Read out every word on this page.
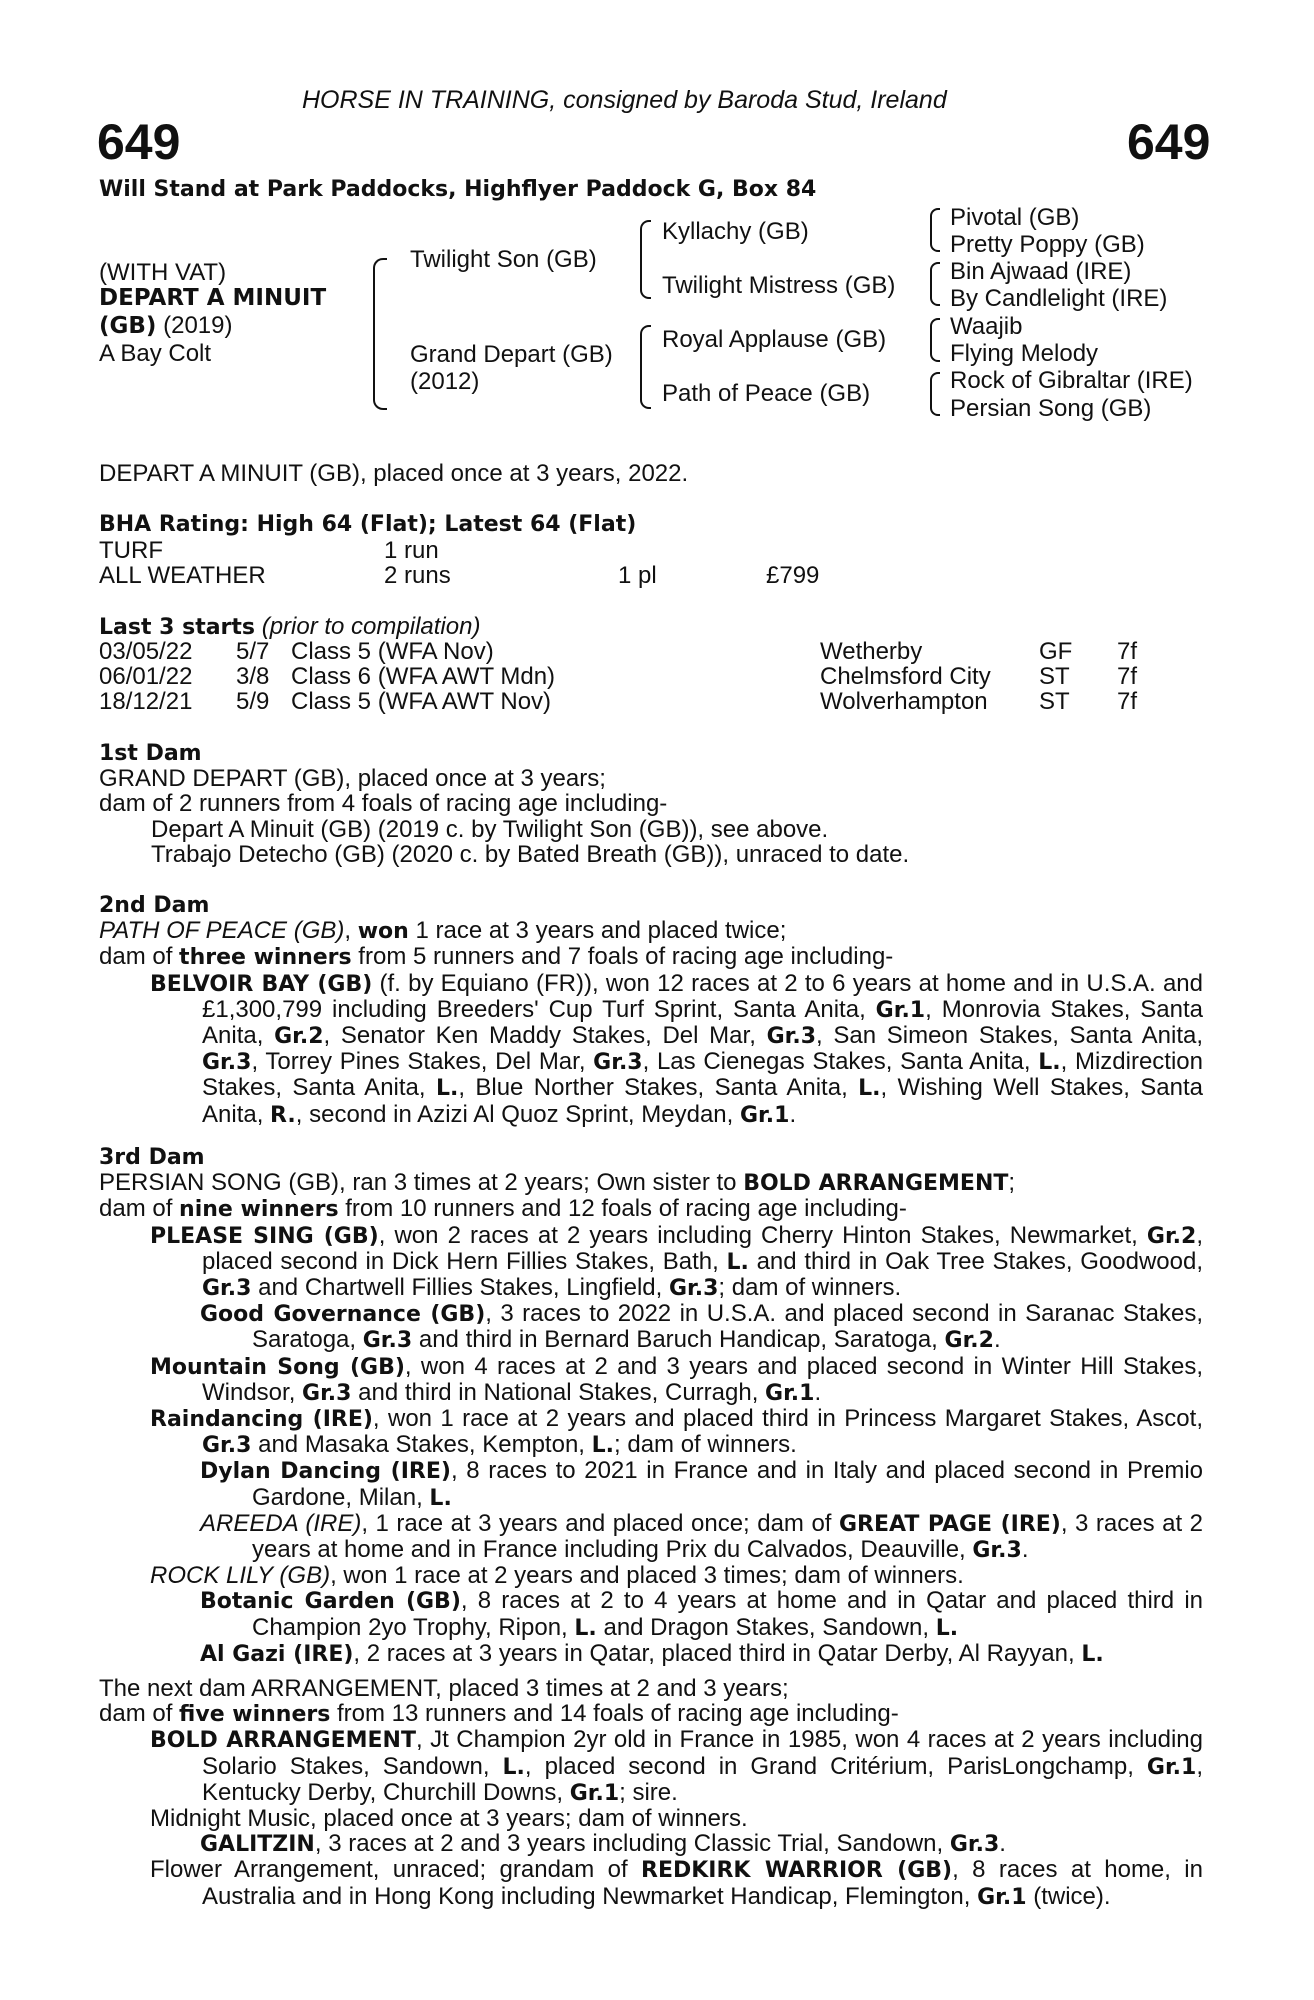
HORSE IN TRAINING, consigned by Baroda Stud, Ireland
649	649
Will Stand at Park Paddocks, Highflyer Paddock G, Box 84
(WITH VAT)
DEPART A MINUIT
(GB) (2019)
A Bay Colt
Twilight Son (GB)
Grand Depart (GB)
(2012)
Kyllachy (GB)
Twilight Mistress (GB)
Royal Applause (GB)
Path of Peace (GB)
Pivotal (GB)
Pretty Poppy (GB)
Bin Ajwaad (IRE)
By Candlelight (IRE)
Waajib
Flying Melody
Rock of Gibraltar (IRE)
Persian Song (GB)
DEPART A MINUIT (GB), placed once at 3 years, 2022.
BHA Rating: High 64 (Flat); Latest 64 (Flat)
TURF	1 run
ALL WEATHER	2 runs	1 pl	£799
Last 3 starts (prior to compilation)
03/05/22 5/7 Class 5 (WFA Nov)	Wetherby	GF 7f
06/01/22 3/8 Class 6 (WFA AWT Mdn)	Chelmsford City ST 7f
18/12/21 5/9 Class 5 (WFA AWT Nov)	Wolverhampton ST 7f
1st Dam
GRAND DEPART (GB), placed once at 3 years;
dam of 2 runners from 4 foals of racing age including-
Depart A Minuit (GB) (2019 c. by Twilight Son (GB)), see above.
Trabajo Detecho (GB) (2020 c. by Bated Breath (GB)), unraced to date.
2nd Dam
PATH OF PEACE (GB), won 1 race at 3 years and placed twice;
dam of three winners from 5 runners and 7 foals of racing age including-
BELVOIR BAY (GB) (f. by Equiano (FR)), won 12 races at 2 to 6 years at home and in U.S.A. and £1,300,799 including Breeders' Cup Turf Sprint, Santa Anita, Gr.1, Monrovia Stakes, Santa Anita, Gr.2, Senator Ken Maddy Stakes, Del Mar, Gr.3, San Simeon Stakes, Santa Anita, Gr.3, Torrey Pines Stakes, Del Mar, Gr.3, Las Cienegas Stakes, Santa Anita, L., Mizdirection Stakes, Santa Anita, L., Blue Norther Stakes, Santa Anita, L., Wishing Well Stakes, Santa Anita, R., second in Azizi Al Quoz Sprint, Meydan, Gr.1.
3rd Dam
PERSIAN SONG (GB), ran 3 times at 2 years; Own sister to BOLD ARRANGEMENT;
dam of nine winners from 10 runners and 12 foals of racing age including-
PLEASE SING (GB), won 2 races at 2 years including Cherry Hinton Stakes, Newmarket, Gr.2, placed second in Dick Hern Fillies Stakes, Bath, L. and third in Oak Tree Stakes, Goodwood, Gr.3 and Chartwell Fillies Stakes, Lingfield, Gr.3; dam of winners.
Good Governance (GB), 3 races to 2022 in U.S.A. and placed second in Saranac Stakes, Saratoga, Gr.3 and third in Bernard Baruch Handicap, Saratoga, Gr.2.
Mountain Song (GB), won 4 races at 2 and 3 years and placed second in Winter Hill Stakes, Windsor, Gr.3 and third in National Stakes, Curragh, Gr.1.
Raindancing (IRE), won 1 race at 2 years and placed third in Princess Margaret Stakes, Ascot, Gr.3 and Masaka Stakes, Kempton, L.; dam of winners.
Dylan Dancing (IRE), 8 races to 2021 in France and in Italy and placed second in Premio Gardone, Milan, L.
AREEDA (IRE), 1 race at 3 years and placed once; dam of GREAT PAGE (IRE), 3 races at 2 years at home and in France including Prix du Calvados, Deauville, Gr.3.
ROCK LILY (GB), won 1 race at 2 years and placed 3 times; dam of winners.
Botanic Garden (GB), 8 races at 2 to 4 years at home and in Qatar and placed third in Champion 2yo Trophy, Ripon, L. and Dragon Stakes, Sandown, L.
Al Gazi (IRE), 2 races at 3 years in Qatar, placed third in Qatar Derby, Al Rayyan, L.
The next dam ARRANGEMENT, placed 3 times at 2 and 3 years;
dam of five winners from 13 runners and 14 foals of racing age including-
BOLD ARRANGEMENT, Jt Champion 2yr old in France in 1985, won 4 races at 2 years including Solario Stakes, Sandown, L., placed second in Grand Critérium, ParisLongchamp, Gr.1, Kentucky Derby, Churchill Downs, Gr.1; sire.
Midnight Music, placed once at 3 years; dam of winners.
GALITZIN, 3 races at 2 and 3 years including Classic Trial, Sandown, Gr.3.
Flower Arrangement, unraced; grandam of REDKIRK WARRIOR (GB), 8 races at home, in Australia and in Hong Kong including Newmarket Handicap, Flemington, Gr.1 (twice).
